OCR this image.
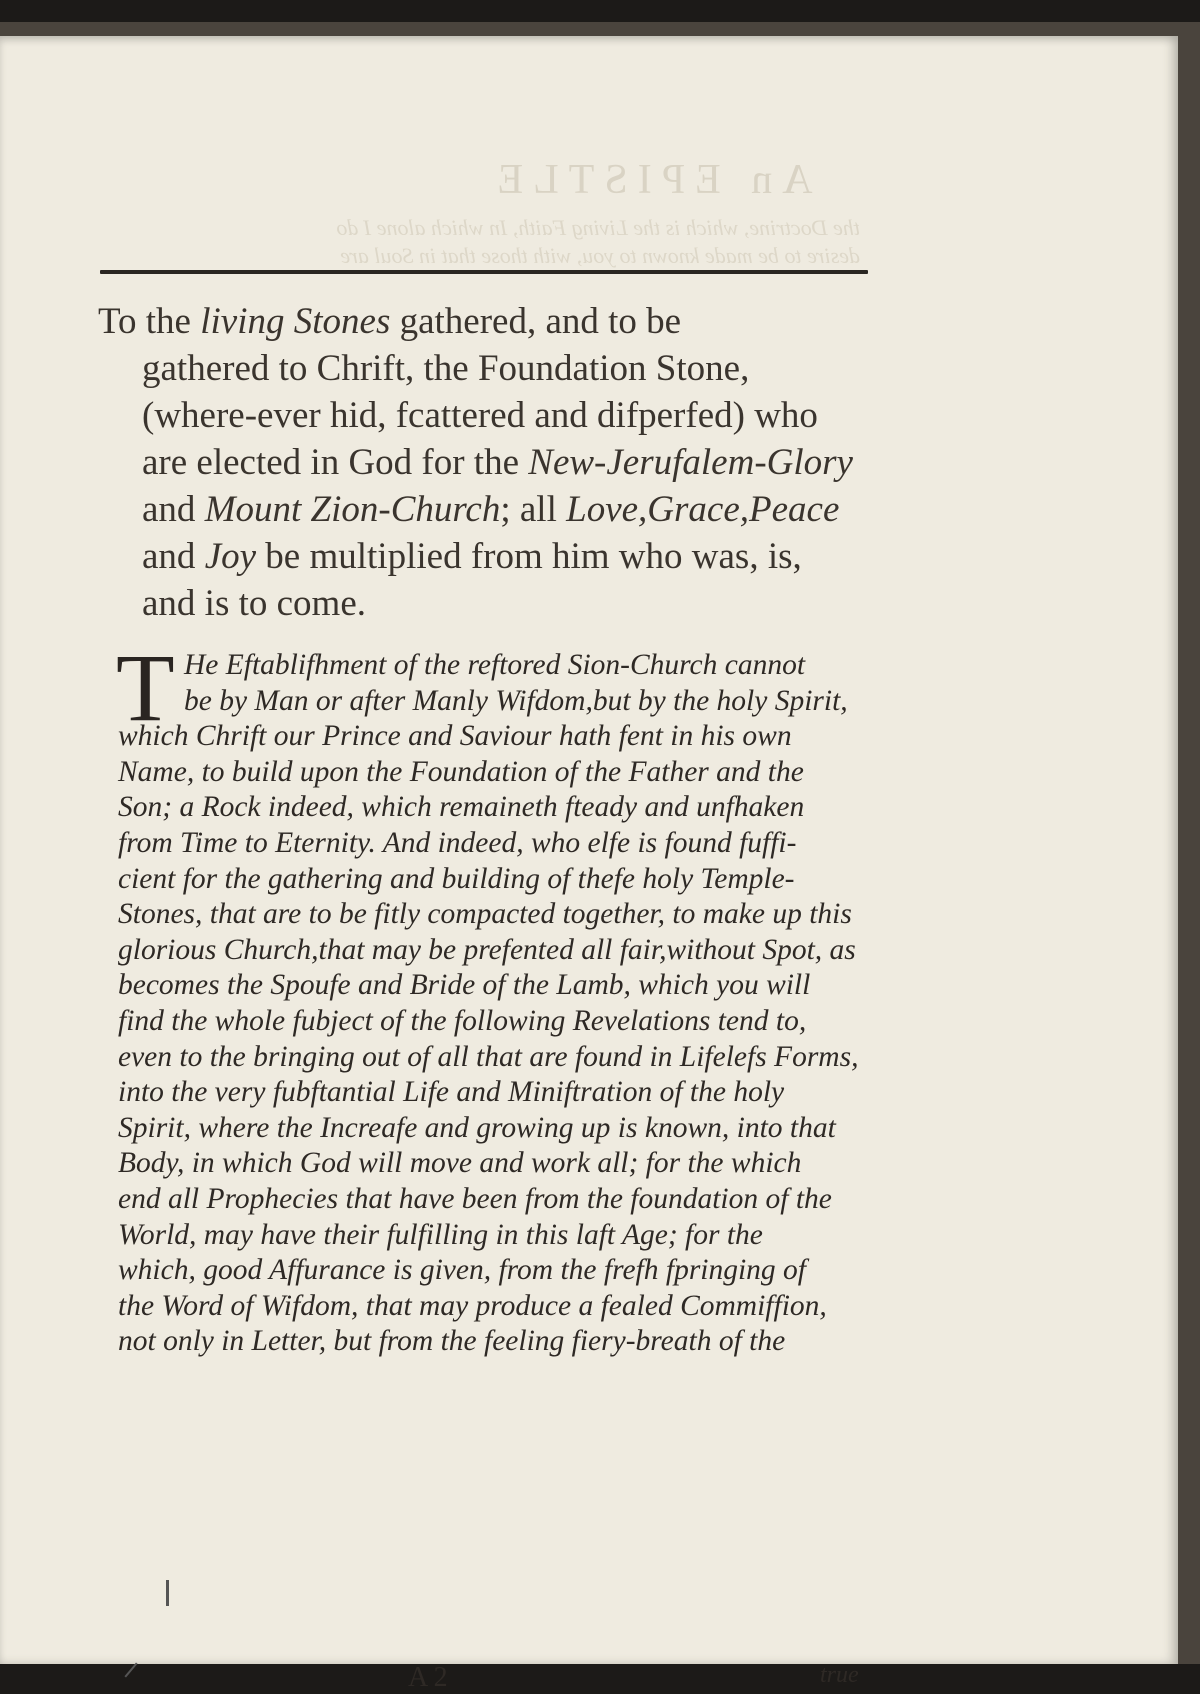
An EPISTLE
the Doctrine, which is the Living Faith, In which alone I do desire to be made known to you, with those that in Soul are
To the living Stones gathered, and to be
gathered to Chrift, the Foundation Stone,
(where-ever hid, fcattered and difperfed) who
are elected in God for the New-Jerufalem-Glory
and Mount Zion-Church; all Love,Grace,Peace
and Joy be multiplied from him who was, is,
and is to come.
T He Eftablifhment of the reftored Sion-Church cannot
be by Man or after Manly Wifdom,but by the holy Spirit,
which Chrift our Prince and Saviour hath fent in his own
Name, to build upon the Foundation of the Father and the
Son; a Rock indeed, which remaineth fteady and unfhaken
from Time to Eternity. And indeed, who elfe is found fuffi-
cient for the gathering and building of thefe holy Temple-
Stones, that are to be fitly compacted together, to make up this
glorious Church,that may be prefented all fair,without Spot, as
becomes the Spoufe and Bride of the Lamb, which you will
find the whole fubject of the following Revelations tend to,
even to the bringing out of all that are found in Lifelefs Forms,
into the very fubftantial Life and Miniftration of the holy
Spirit, where the Increafe and growing up is known, into that
Body, in which God will move and work all; for the which
end all Prophecies that have been from the foundation of the
World, may have their fulfilling in this laft Age; for the
which, good Affurance is given, from the frefh fpringing of
the Word of Wifdom, that may produce a fealed Commiffion,
not only in Letter, but from the feeling fiery-breath of the
A 2	true
